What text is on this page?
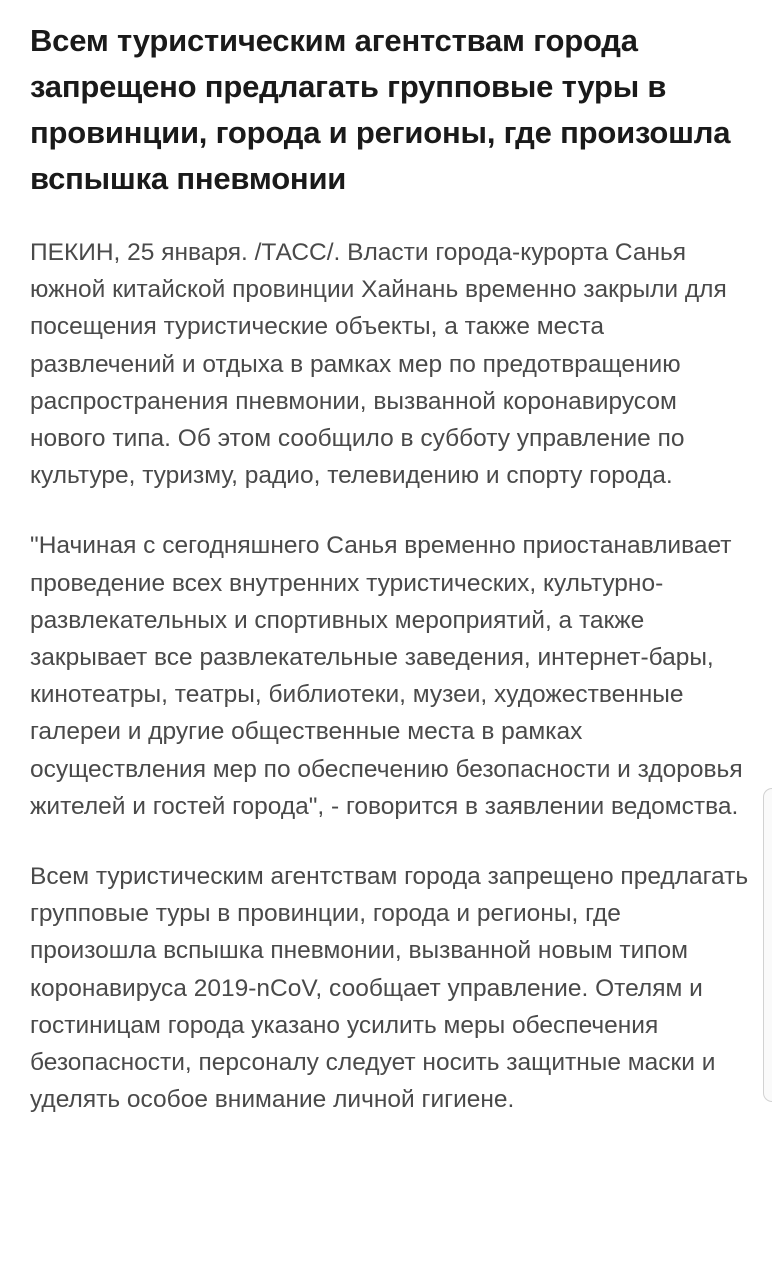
Всем туристическим агентствам города запрещено предлагать групповые туры в провинции, города и регионы, где произошла вспышка пневмонии

ПЕКИН, 25 января. /ТАСС/. Власти города-курорта Санья южной китайской провинции Хайнань временно закрыли для посещения туристические объекты, а также места развлечений и отдыха в рамках мер по предотвращению распространения пневмонии, вызванной коронавирусом нового типа. Об этом сообщило в субботу управление по культуре, туризму, радио, телевидению и спорту города.

"Начиная с сегодняшнего Санья временно приостанавливает проведение всех внутренних туристических, культурно-развлекательных и спортивных мероприятий, а также закрывает все развлекательные заведения, интернет-бары, кинотеатры, театры, библиотеки, музеи, художественные галереи и другие общественные места в рамках осуществления мер по обеспечению безопасности и здоровья жителей и гостей города", - говорится в заявлении ведомства.

Всем туристическим агентствам города запрещено предлагать групповые туры в провинции, города и регионы, где произошла вспышка пневмонии, вызванной новым типом коронавируса 2019-nCoV, сообщает управление. Отелям и гостиницам города указано усилить меры обеспечения безопасности, персоналу следует носить защитные маски и уделять особое внимание личной гигиене.
